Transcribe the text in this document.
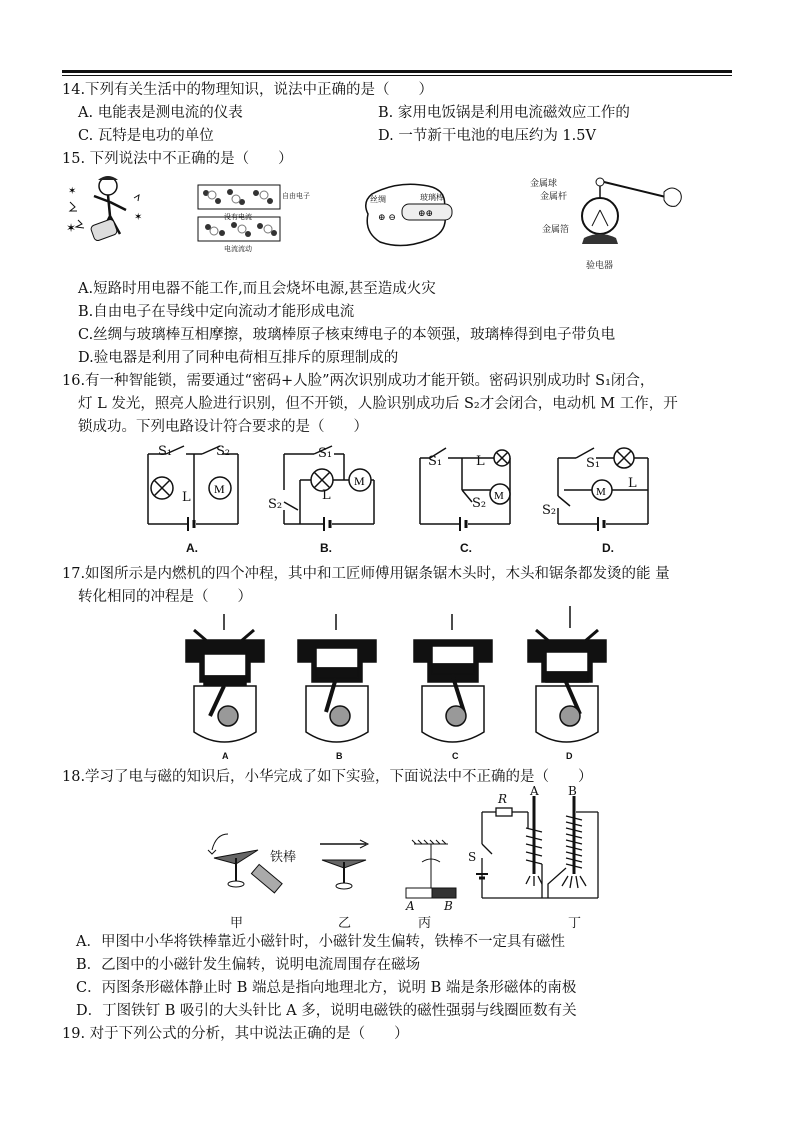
14.下列有关生活中的物理知识，说法中正确的是（　　）
A. 电能表是测电流的仪表	B. 家用电饭锅是利用电流磁效应工作的
C. 瓦特是电功的单位	D. 一节新干电池的电压约为 1.5V
15. 下列说法中不正确的是（　　）
✶
✶
✶
自由电子
没有电流
电流流动
⊕ ⊖ ⊕⊕
丝绸	玻璃棒
金属球
金属杆
金属箔
验电器
A.短路时用电器不能工作,而且会烧坏电源,甚至造成火灾
B.自由电子在导线中定向流动才能形成电流
C.丝绸与玻璃棒互相摩擦，玻璃棒原子核束缚电子的本领强，玻璃棒得到电子带负电
D.验电器是利用了同种电荷相互排斥的原理制成的
16.有一种智能锁，需要通过“密码+人脸”两次识别成功才能开锁。密码识别成功时 S₁闭合，
灯 L 发光，照亮人脸进行识别，但不开锁，人脸识别成功后 S₂才会闭合，电动机 M 工作，开
锁成功。下列电路设计符合要求的是（　　）
M
S₁	S₂
L
A.
M
S₁
S₂
L
B.
M
S₁
S₂
L
C.
M
S₁
S₂
L
D.
17.如图所示是内燃机的四个冲程，其中和工匠师傅用锯条锯木头时，木头和锯条都发烫的能 量
转化相同的冲程是（　　）
A	B	C	D
18.学习了电与磁的知识后，小华完成了如下实验，下面说法中不正确的是（　　）
铁棒
甲	乙
A B
丙
R
A B
S
丁
A．甲图中小华将铁棒靠近小磁针时，小磁针发生偏转，铁棒不一定具有磁性
B．乙图中的小磁针发生偏转，说明电流周围存在磁场
C．丙图条形磁体静止时 B 端总是指向地理北方，说明 B 端是条形磁体的南极
D．丁图铁钉 B 吸引的大头针比 A 多，说明电磁铁的磁性强弱与线圈匝数有关
19. 对于下列公式的分析，其中说法正确的是（　　）
